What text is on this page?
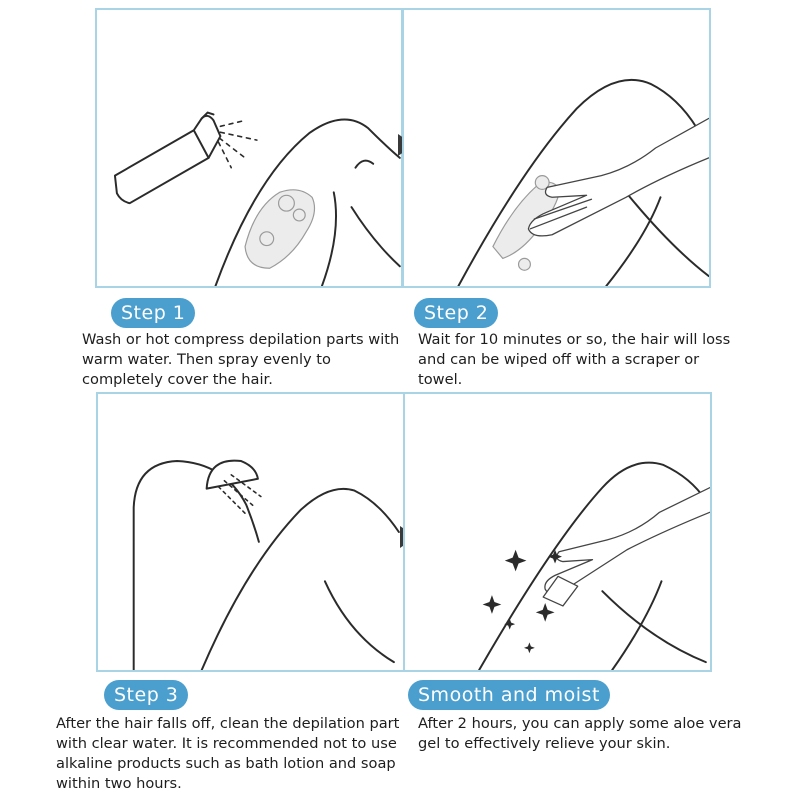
Step 1

Wash or hot compress depilation parts with warm water. Then spray evenly to completely cover the hair.

Step 2

Wait for 10 minutes or so, the hair will loss and can be wiped off with a scraper or towel.

Step 3

After the hair falls off, clean the depilation part with clear water. It is recommended not to use alkaline products such as bath lotion and soap within two hours.

Smooth and moist

After 2 hours, you can apply some aloe vera gel to effectively relieve your skin.
